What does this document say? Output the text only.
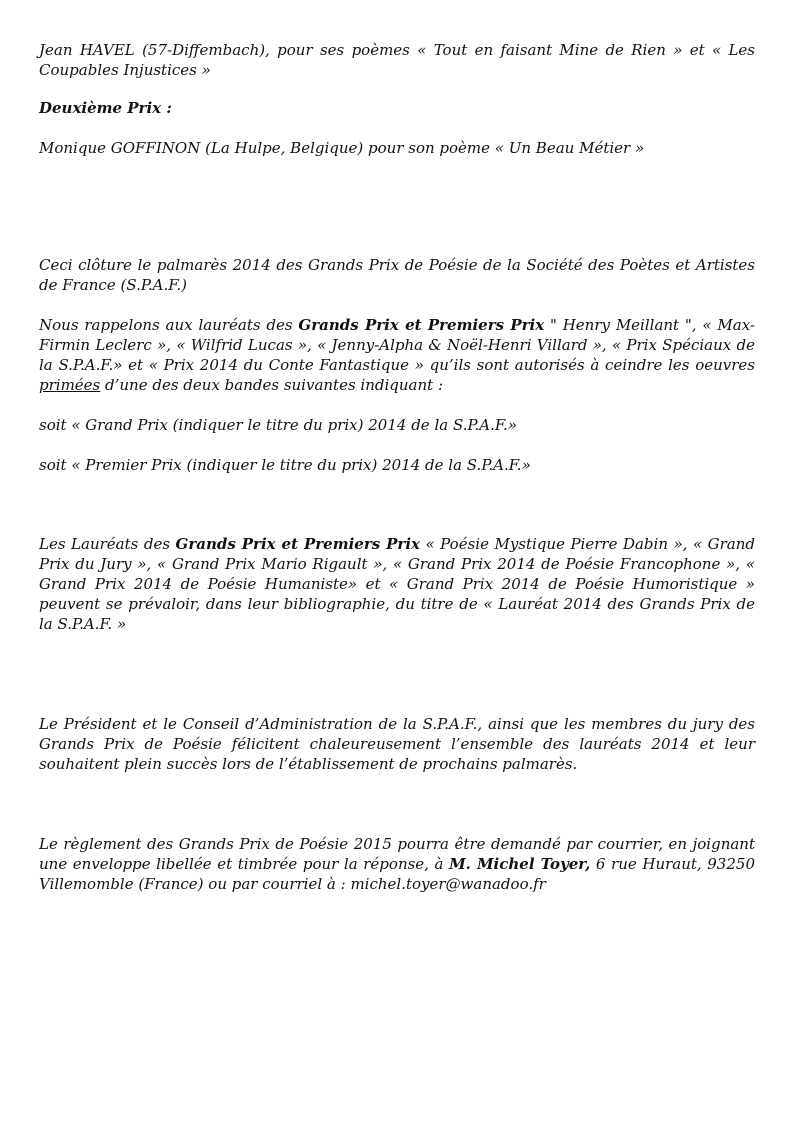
Jean HAVEL (57-Diffembach), pour ses poèmes « Tout en faisant Mine de Rien » et « Les Coupables Injustices »

Deuxième Prix :

Monique GOFFINON (La Hulpe, Belgique) pour son poème « Un Beau Métier »

Ceci clôture le palmarès 2014 des Grands Prix de Poésie de la Société des Poètes et Artistes de France (S.P.A.F.)

Nous rappelons aux lauréats des Grands Prix et Premiers Prix " Henry Meillant ", « Max-Firmin Leclerc », « Wilfrid Lucas », « Jenny-Alpha & Noël-Henri Villard », « Prix Spéciaux de la S.P.A.F.» et « Prix 2014 du Conte Fantastique » qu’ils sont autorisés à ceindre les oeuvres primées d’une des deux bandes suivantes indiquant :

soit « Grand Prix (indiquer le titre du prix) 2014 de la S.P.A.F.»

soit « Premier Prix (indiquer le titre du prix) 2014 de la S.P.A.F.»

Les Lauréats des Grands Prix et Premiers Prix « Poésie Mystique Pierre Dabin », « Grand Prix du Jury », « Grand Prix Mario Rigault », « Grand Prix 2014 de Poésie Francophone », « Grand Prix 2014 de Poésie Humaniste» et « Grand Prix 2014 de Poésie Humoristique » peuvent se prévaloir, dans leur bibliographie, du titre de « Lauréat 2014 des Grands Prix de la S.P.A.F. »

Le Président et le Conseil d’Administration de la S.P.A.F., ainsi que les membres du jury des Grands Prix de Poésie félicitent chaleureusement l’ensemble des lauréats 2014 et leur souhaitent plein succès lors de l’établissement de prochains palmarès.

Le règlement des Grands Prix de Poésie 2015 pourra être demandé par courrier, en joignant une enveloppe libellée et timbrée pour la réponse, à M. Michel Toyer, 6 rue Huraut, 93250 Villemomble (France) ou par courriel à : michel.toyer@wanadoo.fr
